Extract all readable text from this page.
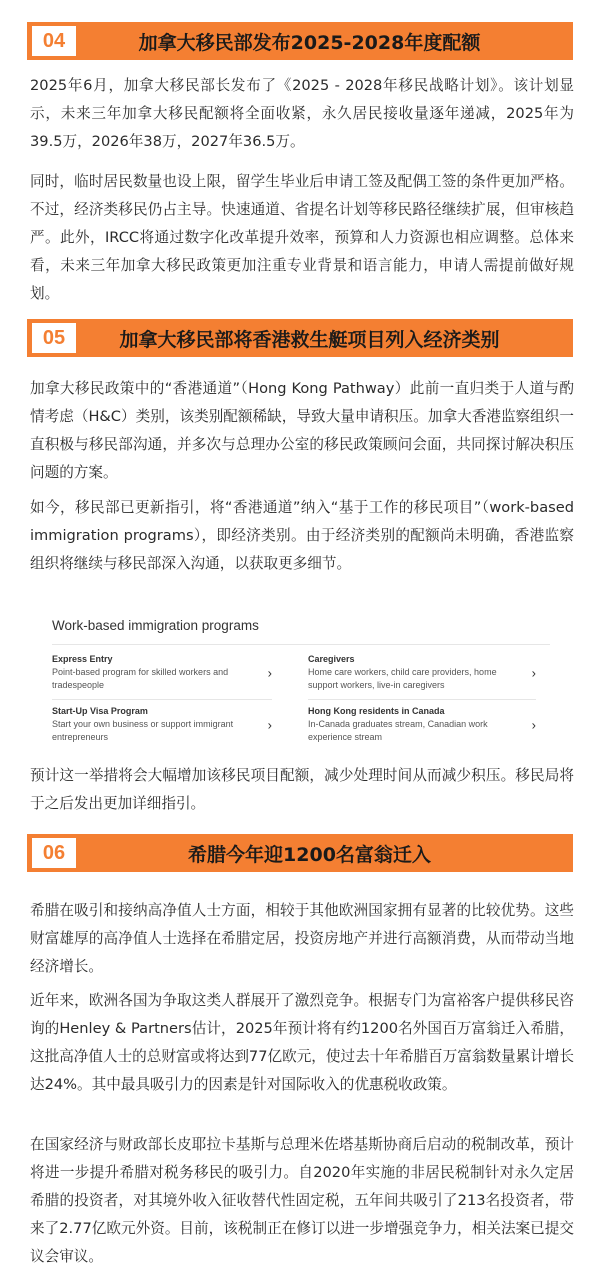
04	加拿大移民部发布2025-2028年度配额

2025年6月，加拿大移民部长发布了《2025 - 2028年移民战略计划》。该计划显示，未来三年加拿大移民配额将全面收紧，永久居民接收量逐年递减，2025年为39.5万，2026年38万，2027年36.5万。

同时，临时居民数量也设上限，留学生毕业后申请工签及配偶工签的条件更加严格。不过，经济类移民仍占主导。快速通道、省提名计划等移民路径继续扩展，但审核趋严。此外，IRCC将通过数字化改革提升效率，预算和人力资源也相应调整。总体来看，未来三年加拿大移民政策更加注重专业背景和语言能力，申请人需提前做好规划。

05	加拿大移民部将香港救生艇项目列入经济类别

加拿大移民政策中的“香港通道”（Hong Kong Pathway）此前一直归类于人道与酌情考虑（H&C）类别，该类别配额稀缺，导致大量申请积压。加拿大香港监察组织一直积极与移民部沟通，并多次与总理办公室的移民政策顾问会面，共同探讨解决积压问题的方案。

如今，移民部已更新指引，将“香港通道”纳入“基于工作的移民项目”（work-based immigration programs），即经济类别。由于经济类别的配额尚未明确，香港监察组织将继续与移民部深入沟通，以获取更多细节。

Work-based immigration programs
Express Entry
Point-based program for skilled workers and tradespeople
›
Caregivers
Home care workers, child care providers, home support workers, live-in caregivers
›
Start-Up Visa Program
Start your own business or support immigrant entrepreneurs
›
Hong Kong residents in Canada
In-Canada graduates stream, Canadian work experience stream
›

预计这一举措将会大幅增加该移民项目配额，减少处理时间从而减少积压。移民局将于之后发出更加详细指引。

06	希腊今年迎1200名富翁迁入

希腊在吸引和接纳高净值人士方面，相较于其他欧洲国家拥有显著的比较优势。这些财富雄厚的高净值人士选择在希腊定居，投资房地产并进行高额消费，从而带动当地经济增长。

近年来，欧洲各国为争取这类人群展开了激烈竞争。根据专门为富裕客户提供移民咨询的Henley & Partners估计，2025年预计将有约1200名外国百万富翁迁入希腊，这批高净值人士的总财富或将达到77亿欧元，使过去十年希腊百万富翁数量累计增长达24%。其中最具吸引力的因素是针对国际收入的优惠税收政策。

在国家经济与财政部长皮耶拉卡基斯与总理米佐塔基斯协商后启动的税制改革，预计将进一步提升希腊对税务移民的吸引力。自2020年实施的非居民税制针对永久定居希腊的投资者，对其境外收入征收替代性固定税，五年间共吸引了213名投资者，带来了2.77亿欧元外资。目前，该税制正在修订以进一步增强竞争力，相关法案已提交议会审议。
